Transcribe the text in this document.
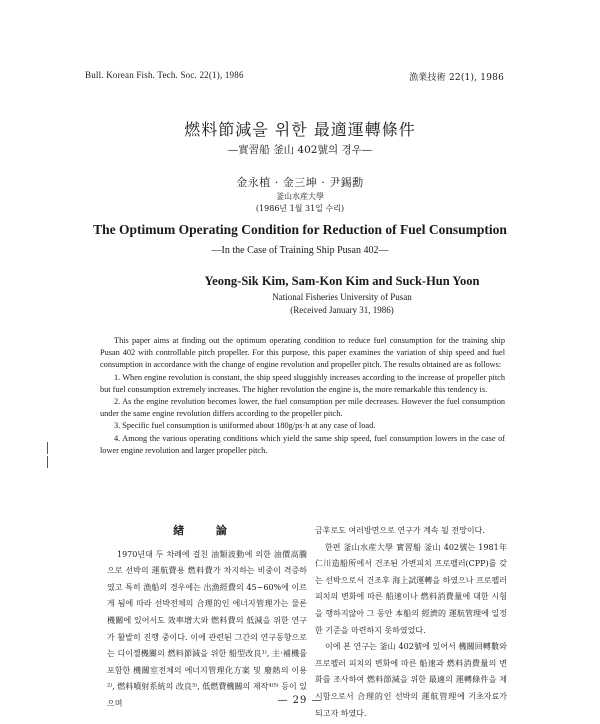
Bull. Korean Fish. Tech. Soc. 22(1), 1986	漁業技術 22(1), 1986
燃料節減을 위한 最適運轉條件
—實習船 釜山 402號의 경우—
金永植 · 金三坤 · 尹錫勳
釜山水産大學
(1986년 1월 31일 수리)
The Optimum Operating Condition for Reduction of Fuel Consumption
—In the Case of Training Ship Pusan 402—
Yeong-Sik Kim, Sam-Kon Kim and Suck-Hun Yoon
National Fisheries University of Pusan
(Received January 31, 1986)

This paper aims at finding out the optimum operating condition to reduce fuel consumption for the training ship Pusan 402 with controllable pitch propeller. For this purpose, this paper examines the variation of ship speed and fuel consumption in accordance with the change of engine revolution and propeller pitch. The results obtained are as follows:

1. When engine revolution is constant, the ship speed sluggishly increases according to the increase of propeller pitch but fuel consumption extremely increases. The higher revolution the engine is, the more remarkable this tendency is.

2. As the engine revolution becomes lower, the fuel consumption per mile decreases. However the fuel consumption under the same engine revolution differs according to the propeller pitch.

3. Specific fuel consumption is uniformed about 180g/ps·h at any case of load.

4. Among the various operating conditions which yield the same ship speed, fuel consumption lowers in the case of lower engine revolution and larger propeller pitch.

緖 論

1970년대 두 차례에 걸친 油類波動에 의한 油價高騰으로 선박의 運航費용 燃料費가 차지하는 비중이 격증하였고 특히 漁船의 경우에는 出漁經費의 45~60%에 이르게 됨에 따라 선박전체의 合理的인 에너지管理가는 물론 機關에 있어서도 效率增大와 燃料費의 低減을 위한 연구가 활발히 진행 중이다. 이에 관련된 그간의 연구동향으로는 디이젤機關의 燃料節減을 위한 船型改良¹⁾, 主·補機를 포함한 機關室전체의 에너지管理化方案 및 廢熱의 이용²⁾, 燃料噴射系統의 改良³⁾, 低燃費機關의 제작⁴⁾⁵⁾ 등이 있으며

금후로도 여러방면으로 연구가 계속 될 전망이다.

한편 釜山水産大學 實習船 釜山 402號는 1981年 仁川造船所에서 건조된 가변피치 프로펠러(CPP)를 갖는 선박으로서 건조후 海上試運轉을 하였으나 프로펠러 피치의 변화에 따른 船速이나 燃料消費量에 대한 시험을 행하지않아 그 동안 本船의 經濟的 運航管理에 일정한 기준을 마련하지 못하였었다.

이에 본 연구는 釜山 402號에 있어서 機關回轉數와 프로펠러 피치의 변화에 따른 船速과 燃料消費量의 변화를 조사하여 燃料節減을 위한 最適의 運轉條件을 제시함으로서 合理的인 선박의 運航管理에 기초자료가 되고자 하였다.

— 29 —
